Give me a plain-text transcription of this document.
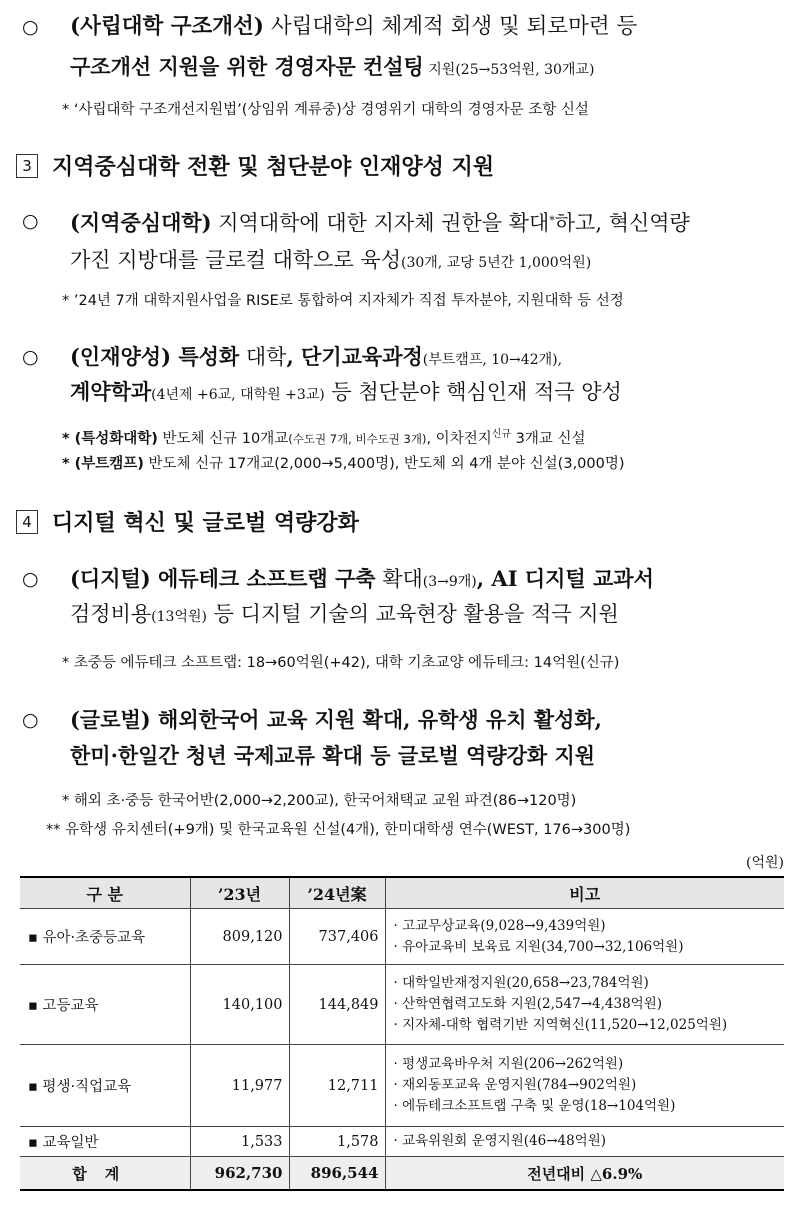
○ (사립대학 구조개선) 사립대학의 체계적 회생 및 퇴로마련 등
구조개선 지원을 위한 경영자문 컨설팅 지원(25→53억원, 30개교)
* ‘사립대학 구조개선지원법’(상임위 계류중)상 경영위기 대학의 경영자문 조항 신설
3 지역중심대학 전환 및 첨단분야 인재양성 지원
○ (지역중심대학) 지역대학에 대한 지자체 권한을 확대*하고, 혁신역량
가진 지방대를 글로컬 대학으로 육성(30개, 교당 5년간 1,000억원)
* ’24년 7개 대학지원사업을 RISE로 통합하여 지자체가 직접 투자분야, 지원대학 등 선정
○ (인재양성) 특성화 대학, 단기교육과정(부트캠프, 10→42개),
계약학과(4년제 +6교, 대학원 +3교) 등 첨단분야 핵심인재 적극 양성
* (특성화대학) 반도체 신규 10개교(수도권 7개, 비수도권 3개), 이차전지$^{신규}$ 3개교 신설
* (부트캠프) 반도체 신규 17개교(2,000→5,400명), 반도체 외 4개 분야 신설(3,000명)
4 디지털 혁신 및 글로벌 역량강화
○ (디지털) 에듀테크 소프트랩 구축 확대(3→9개), AI 디지털 교과서
검정비용(13억원) 등 디지털 기술의 교육현장 활용을 적극 지원
* 초중등 에듀테크 소프트랩: 18→60억원(+42), 대학 기초교양 에듀테크: 14억원(신규)
○ (글로벌) 해외한국어 교육 지원 확대, 유학생 유치 활성화,
한미·한일간 청년 국제교류 확대 등 글로벌 역량강화 지원
* 해외 초·중등 한국어반(2,000→2,200교), 한국어채택교 교원 파견(86→120명)
** 유학생 유치센터(+9개) 및 한국교육원 신설(4개), 한미대학생 연수(WEST, 176→300명)
(억원)
구 분	’23년	’24년案	비고
▪ 유아·초중등교육	809,120	737,406	· 고교무상교육(9,028→9,439억원)
· 유아교육비 보육료 지원(34,700→32,106억원)

▪ 고등교육	140,100	144,849	· 대학일반재정지원(20,658→23,784억원)
· 산학연협력고도화 지원(2,547→4,438억원)
· 지자체-대학 협력기반 지역혁신(11,520→12,025억원)

▪ 평생·직업교육	11,977	12,711	· 평생교육바우처 지원(206→262억원)
· 재외동포교육 운영지원(784→902억원)
· 에듀테크소프트랩 구축 및 운영(18→104억원)

▪ 교육일반	1,533	1,578	· 교육위원회 운영지원(46→48억원)

합계	962,730	896,544	전년대비 △6.9%
